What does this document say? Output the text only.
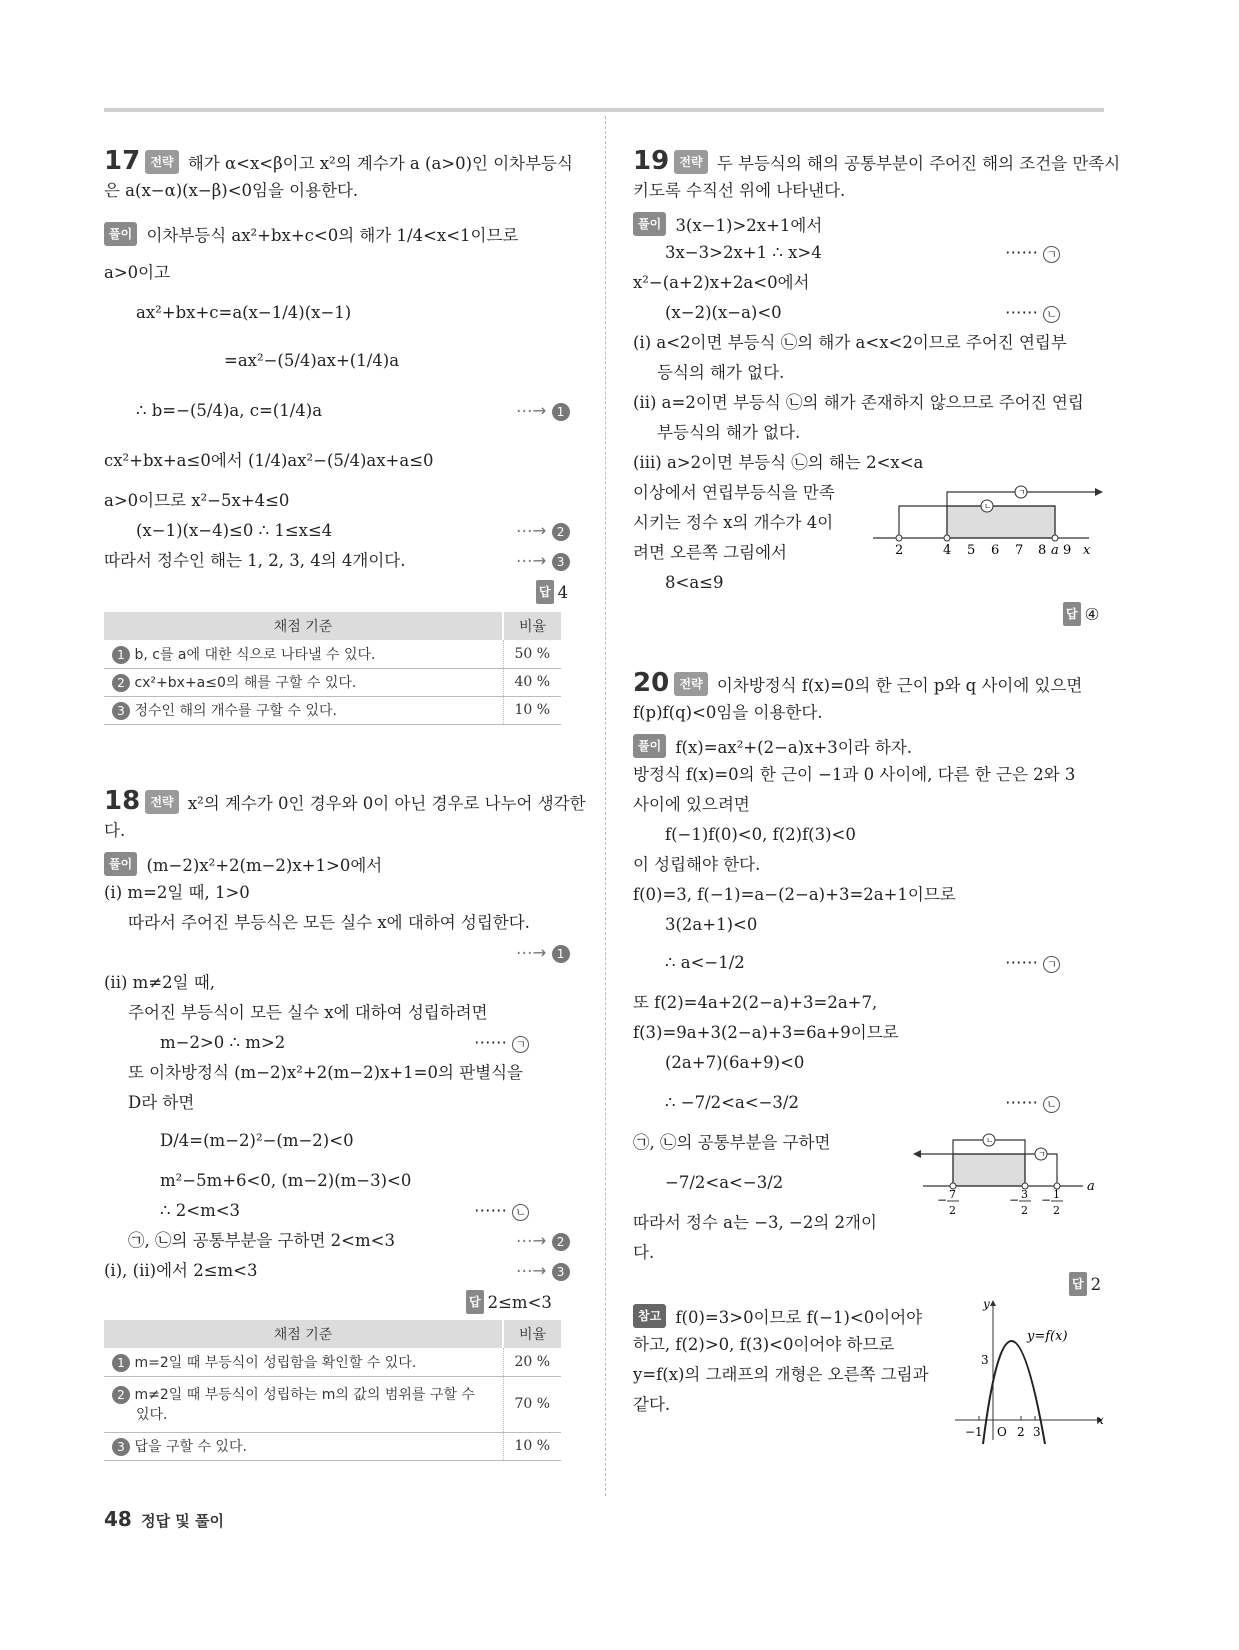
17 전략 해가 α<x<β이고 x²의 계수가 a (a>0)인 이차부등식
은 a(x−α)(x−β)<0임을 이용한다.
풀이 이차부등식 ax²+bx+c<0의 해가 1/4<x<1이므로
a>0이고
ax²+bx+c=a(x−1/4)(x−1)
=ax²−(5/4)ax+(1/4)a
∴ b=−(5/4)a, c=(1/4)a	⋯→ 1
cx²+bx+a≤0에서 (1/4)ax²−(5/4)ax+a≤0
a>0이므로 x²−5x+4≤0
(x−1)(x−4)≤0 ∴ 1≤x≤4	⋯→ 2
따라서 정수인 해는 1, 2, 3, 4의 4개이다.	⋯→ 3
답 4
채점 기준	비율
1 b, c를 a에 대한 식으로 나타낼 수 있다.	50 %
2 cx²+bx+a≤0의 해를 구할 수 있다.	40 %
3 정수인 해의 개수를 구할 수 있다.	10 %
18 전략 x²의 계수가 0인 경우와 0이 아닌 경우로 나누어 생각한
다.
풀이 (m−2)x²+2(m−2)x+1>0에서
(i) m=2일 때, 1>0
따라서 주어진 부등식은 모든 실수 x에 대하여 성립한다.
⋯→ 1
(ii) m≠2일 때,
주어진 부등식이 모든 실수 x에 대하여 성립하려면
m−2>0 ∴ m>2	⋯⋯ ㄱ
또 이차방정식 (m−2)x²+2(m−2)x+1=0의 판별식을
D라 하면
D/4=(m−2)²−(m−2)<0
m²−5m+6<0, (m−2)(m−3)<0
∴ 2<m<3	⋯⋯ ㄴ
㉠, ㉡의 공통부분을 구하면 2<m<3	⋯→ 2
(i), (ii)에서 2≤m<3	⋯→ 3
답 2≤m<3
채점 기준	비율
1 m=2일 때 부등식이 성립함을 확인할 수 있다.	20 %
2 m≠2일 때 부등식이 성립하는 m의 값의 범위를 구할 수
있다.	70 %
3 답을 구할 수 있다.	10 %
19 전략 두 부등식의 해의 공통부분이 주어진 해의 조건을 만족시
키도록 수직선 위에 나타낸다.
풀이 3(x−1)>2x+1에서
3x−3>2x+1 ∴ x>4	⋯⋯ ㄱ
x²−(a+2)x+2a<0에서
(x−2)(x−a)<0	⋯⋯ ㄴ
(i) a<2이면 부등식 ㉡의 해가 a<x<2이므로 주어진 연립부
등식의 해가 없다.
(ii) a=2이면 부등식 ㉡의 해가 존재하지 않으므로 주어진 연립
부등식의 해가 없다.
(iii) a>2이면 부등식 ㉡의 해는 2<x<a
이상에서 연립부등식을 만족
시키는 정수 x의 개수가 4이
려면 오른쪽 그림에서
8<a≤9
ㄱ
ㄴ
2	4 5 6 7 8 a 9 x
답 ④
20 전략 이차방정식 f(x)=0의 한 근이 p와 q 사이에 있으면
f(p)f(q)<0임을 이용한다.
풀이 f(x)=ax²+(2−a)x+3이라 하자.
방정식 f(x)=0의 한 근이 −1과 0 사이에, 다른 한 근은 2와 3
사이에 있으려면
f(−1)f(0)<0, f(2)f(3)<0
이 성립해야 한다.
f(0)=3, f(−1)=a−(2−a)+3=2a+1이므로
3(2a+1)<0
∴ a<−1/2	⋯⋯ ㄱ
또 f(2)=4a+2(2−a)+3=2a+7,
f(3)=9a+3(2−a)+3=6a+9이므로
(2a+7)(6a+9)<0
∴ −7/2<a<−3/2	⋯⋯ ㄴ
㉠, ㉡의 공통부분을 구하면
−7/2<a<−3/2
따라서 정수 a는 −3, −2의 2개이
다.
ㄴ
ㄱ
− 7
2
− 3
2
− 1
2
a
답 2
참고 f(0)=3>0이므로 f(−1)<0이어야
하고, f(2)>0, f(3)<0이어야 하므로
y=f(x)의 그래프의 개형은 오른쪽 그림과
같다.
y
x
y=f(x)
3
−1 O 2 3
48 정답 및 풀이
